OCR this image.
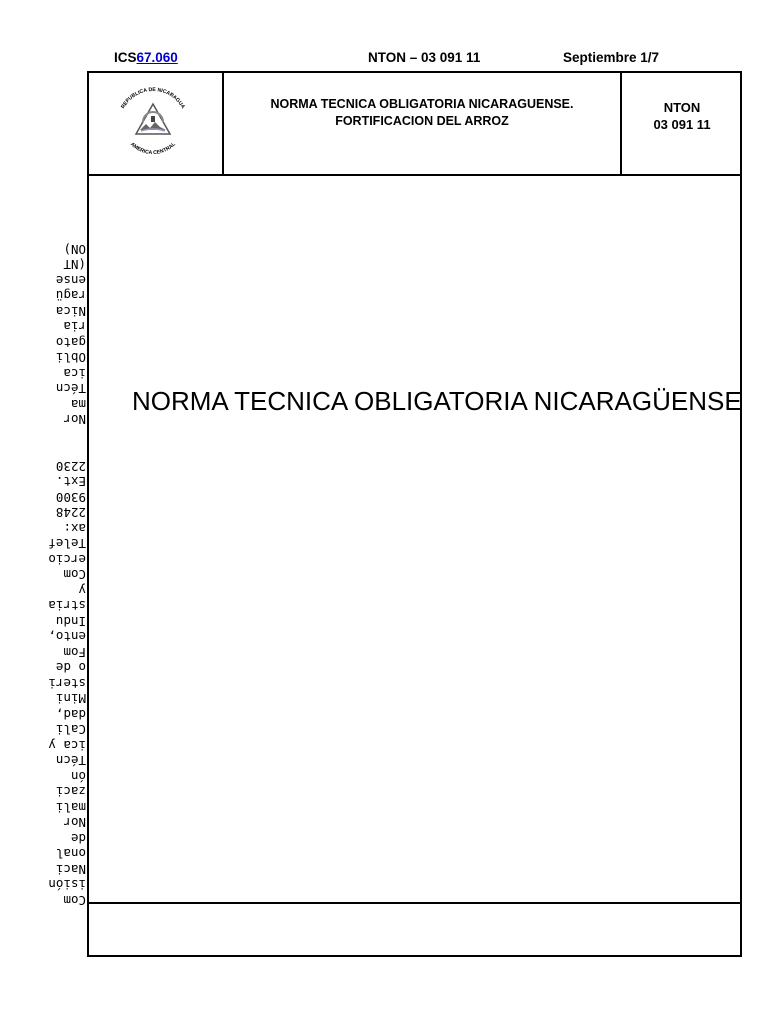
ICS67.060	NTON – 03 091 11	Septiembre 1/7
REPUBLICA DE NICARAGUA
AMERICA CENTRAL
NORMA TECNICA OBLIGATORIA NICARAGUENSE.
FORTIFICACION DEL ARROZ
NTON
03 091 11
NORMA TECNICA OBLIGATORIA NICARAGÜENSE
Com
isión
Naci
onal
de
Nor
mali
zaci
ón
Técn
ica y
Cali
dad,
Mini
steri
o de
Fom
ento,
Indu
stria
y
Com
ercio
Telef
ax:
2248
9300
Ext.
2230

Nor
ma
Técn
ica
Obli
gato
ria
Nica
ragü
ense
(NT
ON)
